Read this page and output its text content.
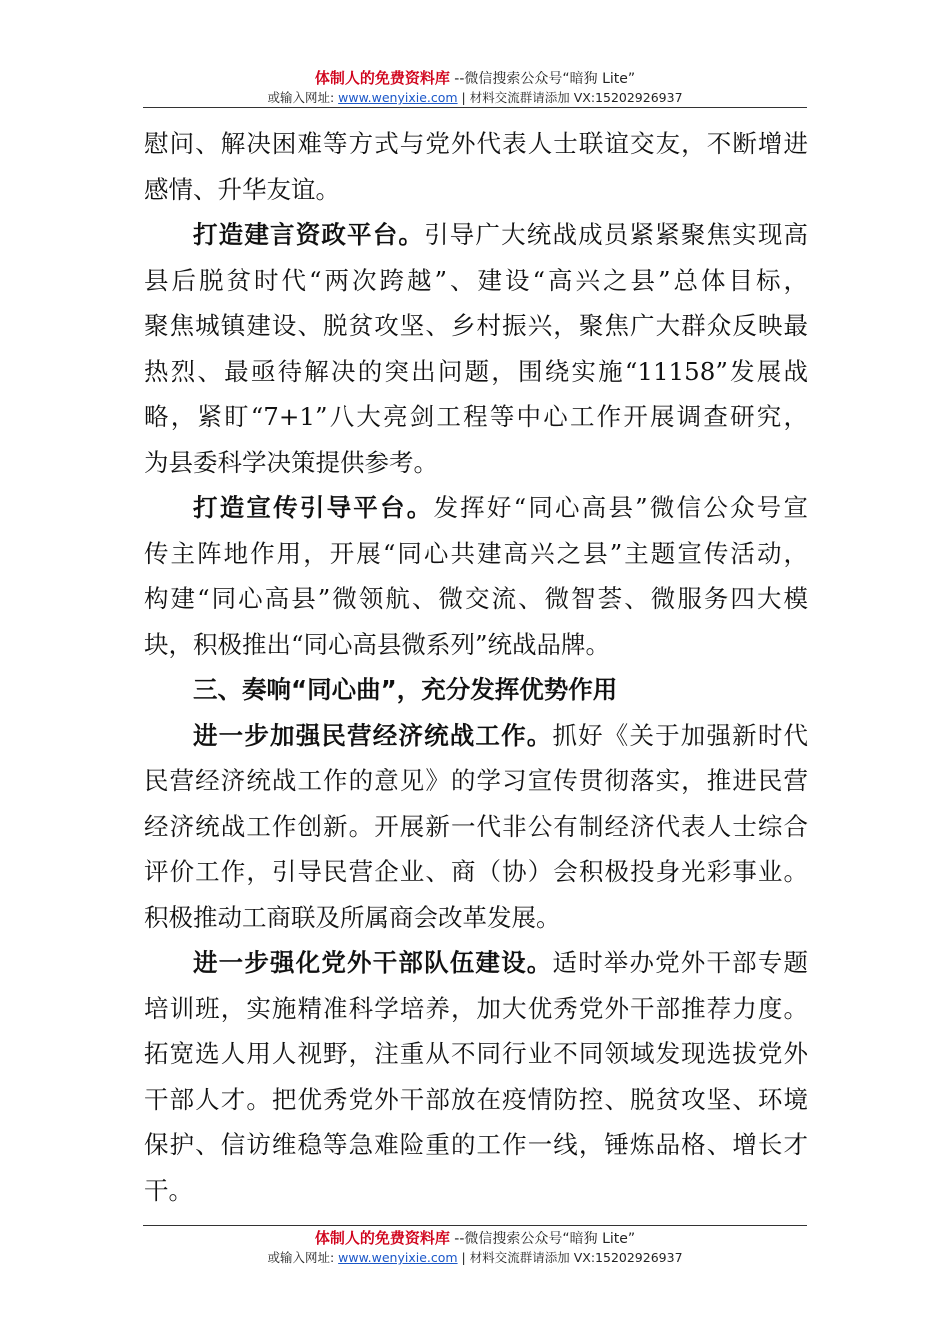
体制人的免费资料库 --微信搜索公众号“暗狗 Lite”
或输入网址: www.wenyixie.com | 材料交流群请添加 VX:15202926937
慰问、解决困难等方式与党外代表人士联谊交友，不断增进
感情、升华友谊。
打造建言资政平台。引导广大统战成员紧紧聚焦实现高
县后脱贫时代“两次跨越”、建设“高兴之县”总体目标，
聚焦城镇建设、脱贫攻坚、乡村振兴，聚焦广大群众反映最
热烈、最亟待解决的突出问题，围绕实施“11158”发展战
略，紧盯“7+1”八大亮剑工程等中心工作开展调查研究，
为县委科学决策提供参考。
打造宣传引导平台。发挥好“同心高县”微信公众号宣
传主阵地作用，开展“同心共建高兴之县”主题宣传活动，
构建“同心高县”微领航、微交流、微智荟、微服务四大模
块，积极推出“同心高县微系列”统战品牌。
三、奏响“同心曲”，充分发挥优势作用
进一步加强民营经济统战工作。抓好《关于加强新时代
民营经济统战工作的意见》的学习宣传贯彻落实，推进民营
经济统战工作创新。开展新一代非公有制经济代表人士综合
评价工作，引导民营企业、商（协）会积极投身光彩事业。
积极推动工商联及所属商会改革发展。
进一步强化党外干部队伍建设。适时举办党外干部专题
培训班，实施精准科学培养，加大优秀党外干部推荐力度。
拓宽选人用人视野，注重从不同行业不同领域发现选拔党外
干部人才。把优秀党外干部放在疫情防控、脱贫攻坚、环境
保护、信访维稳等急难险重的工作一线，锤炼品格、增长才
干。
体制人的免费资料库 --微信搜索公众号“暗狗 Lite”
或输入网址: www.wenyixie.com | 材料交流群请添加 VX:15202926937
